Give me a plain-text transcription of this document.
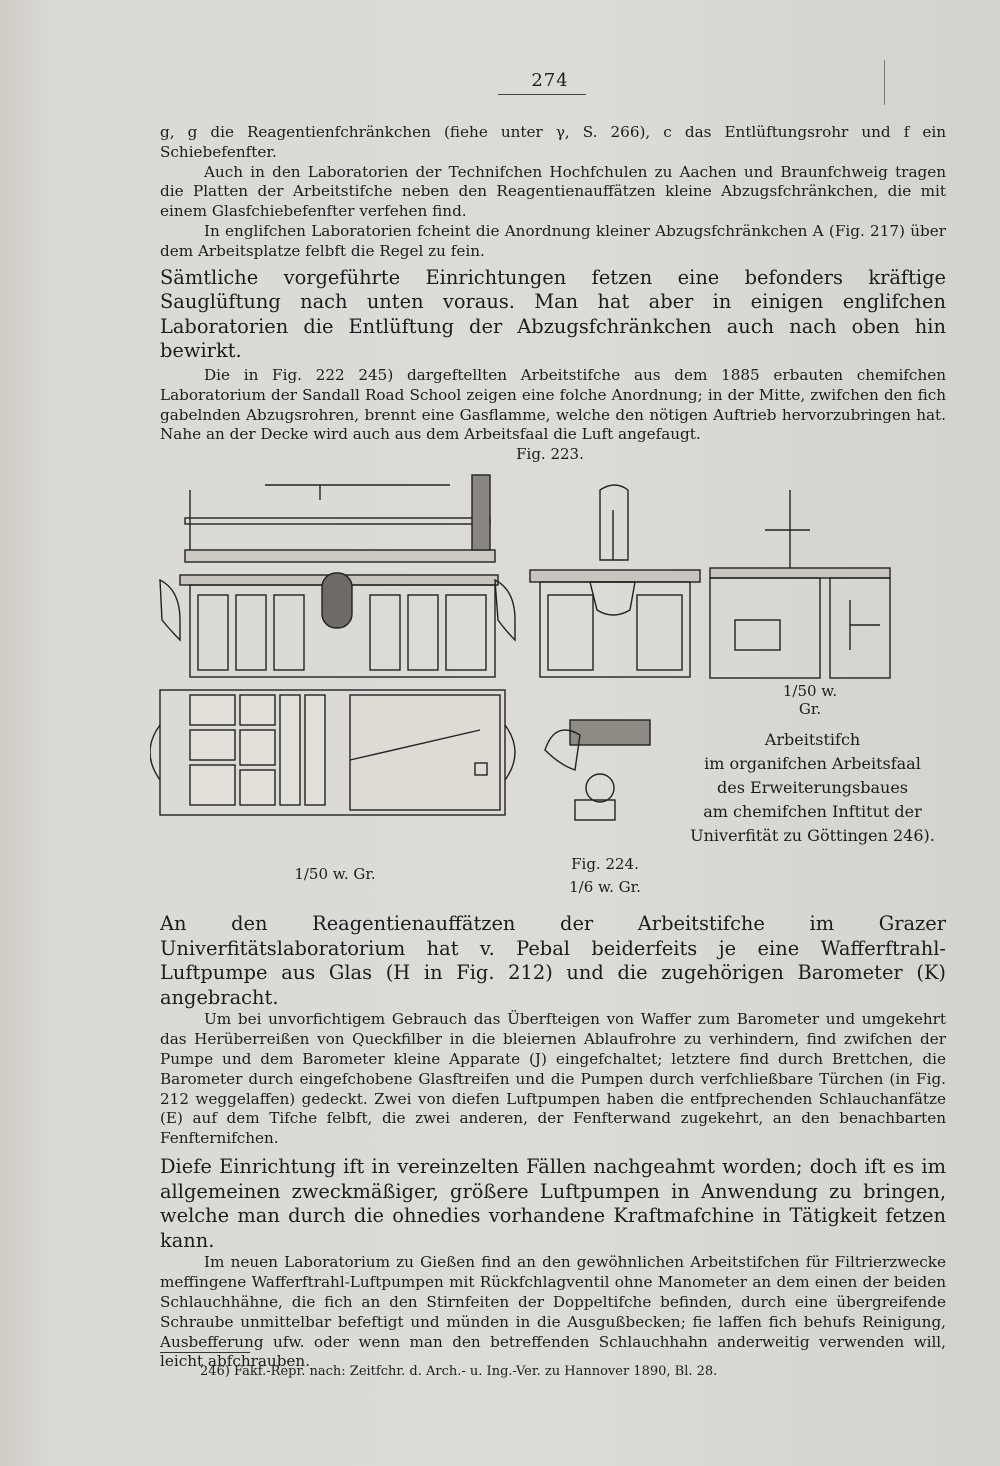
274
g, g die Reagentienfchränkchen (fiehe unter γ, S. 266), c das Entlüftungsrohr und f ein Schiebefenfter.
Auch in den Laboratorien der Technifchen Hochfchulen zu Aachen und Braunfchweig tragen die Platten der Arbeitstifche neben den Reagentienauffätzen kleine Abzugsfchränkchen, die mit einem Glasfchiebefenfter verfehen find.
In englifchen Laboratorien fcheint die Anordnung kleiner Abzugsfchränkchen A (Fig. 217) über dem Arbeitsplatze felbft die Regel zu fein.
Sämtliche vorgeführte Einrichtungen fetzen eine befonders kräftige Sauglüftung nach unten voraus. Man hat aber in einigen englifchen Laboratorien die Entlüftung der Abzugsfchränkchen auch nach oben hin bewirkt.
Die in Fig. 222 245) dargeftellten Arbeitstifche aus dem 1885 erbauten chemifchen Laboratorium der Sandall Road School zeigen eine folche Anordnung; in der Mitte, zwifchen den fich gabelnden Abzugsrohren, brennt eine Gasflamme, welche den nötigen Auftrieb hervorzubringen hat. Nahe an der Decke wird auch aus dem Arbeitsfaal die Luft angefaugt.
Fig. 223.
1/50 w. Gr.
Arbeitstifch
im organifchen Arbeitsfaal
des Erweiterungsbaues
am chemifchen Inftitut der
Univerfität zu Göttingen 246).
1/50 w. Gr.
Fig. 224.
1/6 w. Gr.
An den Reagentienauffätzen der Arbeitstifche im Grazer Univerfitätslaboratorium hat v. Pebal beiderfeits je eine Wafferftrahl-Luftpumpe aus Glas (H in Fig. 212) und die zugehörigen Barometer (K) angebracht.
Um bei unvorfichtigem Gebrauch das Überfteigen von Waffer zum Barometer und umgekehrt das Herüberreißen von Queckfilber in die bleiernen Ablaufrohre zu verhindern, find zwifchen der Pumpe und dem Barometer kleine Apparate (J) eingefchaltet; letztere find durch Brettchen, die Barometer durch eingefchobene Glasftreifen und die Pumpen durch verfchließbare Türchen (in Fig. 212 weggelaffen) gedeckt. Zwei von diefen Luftpumpen haben die entfprechenden Schlauchanfätze (E) auf dem Tifche felbft, die zwei anderen, der Fenfterwand zugekehrt, an den benachbarten Fenfternifchen.
Diefe Einrichtung ift in vereinzelten Fällen nachgeahmt worden; doch ift es im allgemeinen zweckmäßiger, größere Luftpumpen in Anwendung zu bringen, welche man durch die ohnedies vorhandene Kraftmafchine in Tätigkeit fetzen kann.
Im neuen Laboratorium zu Gießen find an den gewöhnlichen Arbeitstifchen für Filtrierzwecke meffingene Wafferftrahl-Luftpumpen mit Rückfchlagventil ohne Manometer an dem einen der beiden Schlauchhähne, die fich an den Stirnfeiten der Doppeltifche befinden, durch eine übergreifende Schraube unmittelbar befeftigt und münden in die Ausgußbecken; fie laffen fich behufs Reinigung, Ausbefferung ufw. oder wenn man den betreffenden Schlauchhahn anderweitig verwenden will, leicht abfchrauben.
246) Fakf.-Repr. nach: Zeitfchr. d. Arch.- u. Ing.-Ver. zu Hannover 1890, Bl. 28.
